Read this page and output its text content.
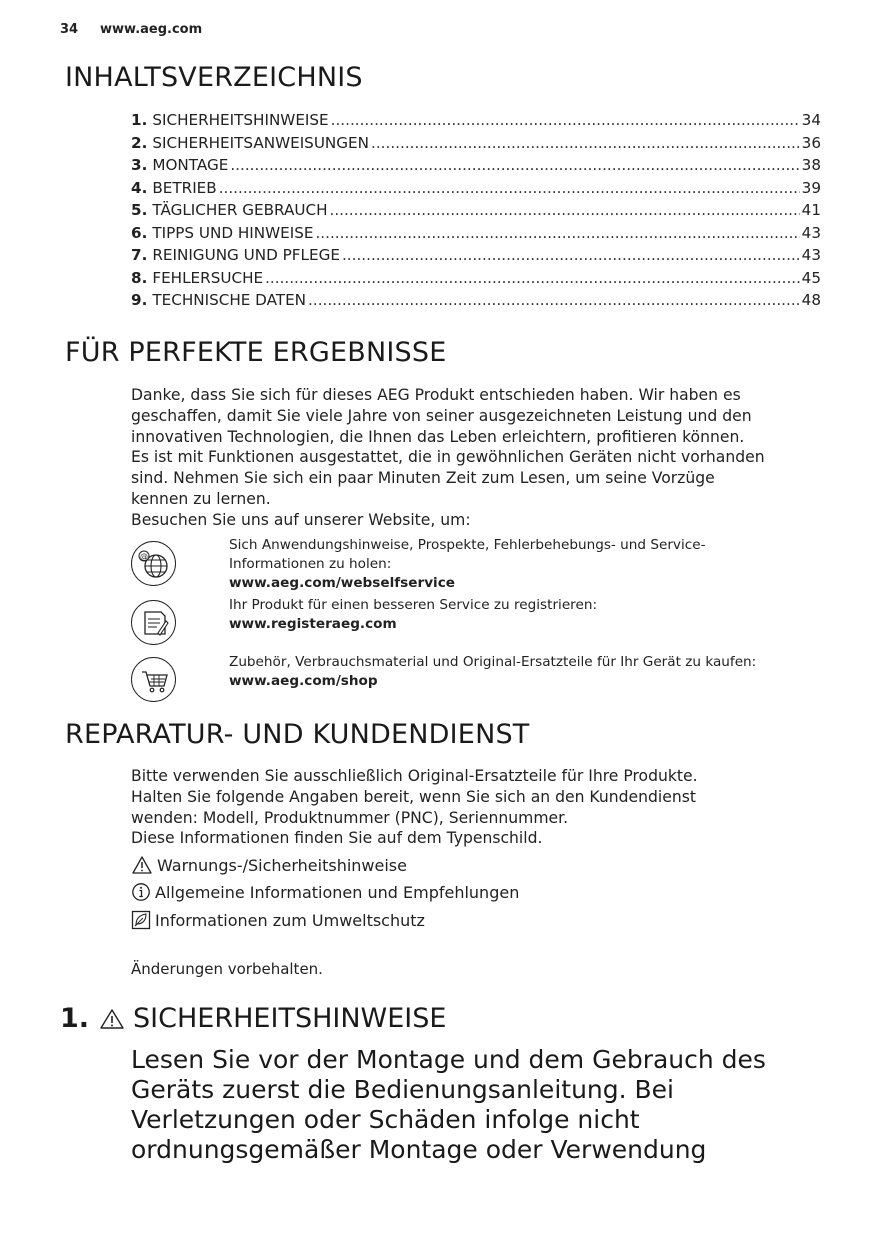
34 www.aeg.com
INHALTSVERZEICHNIS
1. SICHERHEITSHINWEISE .....	34
2. SICHERHEITSANWEISUNGEN .....	36
3. MONTAGE .....	38
4. BETRIEB .....	39
5. TÄGLICHER GEBRAUCH .....	41
6. TIPPS UND HINWEISE .....	43
7. REINIGUNG UND PFLEGE .....	43
8. FEHLERSUCHE .....	45
9. TECHNISCHE DATEN .....	48
FÜR PERFEKTE ERGEBNISSE

Danke, dass Sie sich für dieses AEG Produkt entschieden haben. Wir haben es

geschaffen, damit Sie viele Jahre von seiner ausgezeichneten Leistung und den

innovativen Technologien, die Ihnen das Leben erleichtern, profitieren können.

Es ist mit Funktionen ausgestattet, die in gewöhnlichen Geräten nicht vorhanden

sind. Nehmen Sie sich ein paar Minuten Zeit zum Lesen, um seine Vorzüge

kennen zu lernen.

Besuchen Sie uns auf unserer Website, um:

@

Sich Anwendungshinweise, Prospekte, Fehlerbehebungs- und Service-

Informationen zu holen:

www.aeg.com/webselfservice

Ihr Produkt für einen besseren Service zu registrieren:

www.registeraeg.com

Zubehör, Verbrauchsmaterial und Original-Ersatzteile für Ihr Gerät zu kaufen:

www.aeg.com/shop

REPARATUR- UND KUNDENDIENST

Bitte verwenden Sie ausschließlich Original-Ersatzteile für Ihre Produkte.

Halten Sie folgende Angaben bereit, wenn Sie sich an den Kundendienst

wenden: Modell, Produktnummer (PNC), Seriennummer.

Diese Informationen finden Sie auf dem Typenschild.

Warnungs-/Sicherheitshinweise
Allgemeine Informationen und Empfehlungen
Informationen zum Umweltschutz
Änderungen vorbehalten.
1. SICHERHEITSHINWEISE

Lesen Sie vor der Montage und dem Gebrauch des

Geräts zuerst die Bedienungsanleitung. Bei

Verletzungen oder Schäden infolge nicht

ordnungsgemäßer Montage oder Verwendung
